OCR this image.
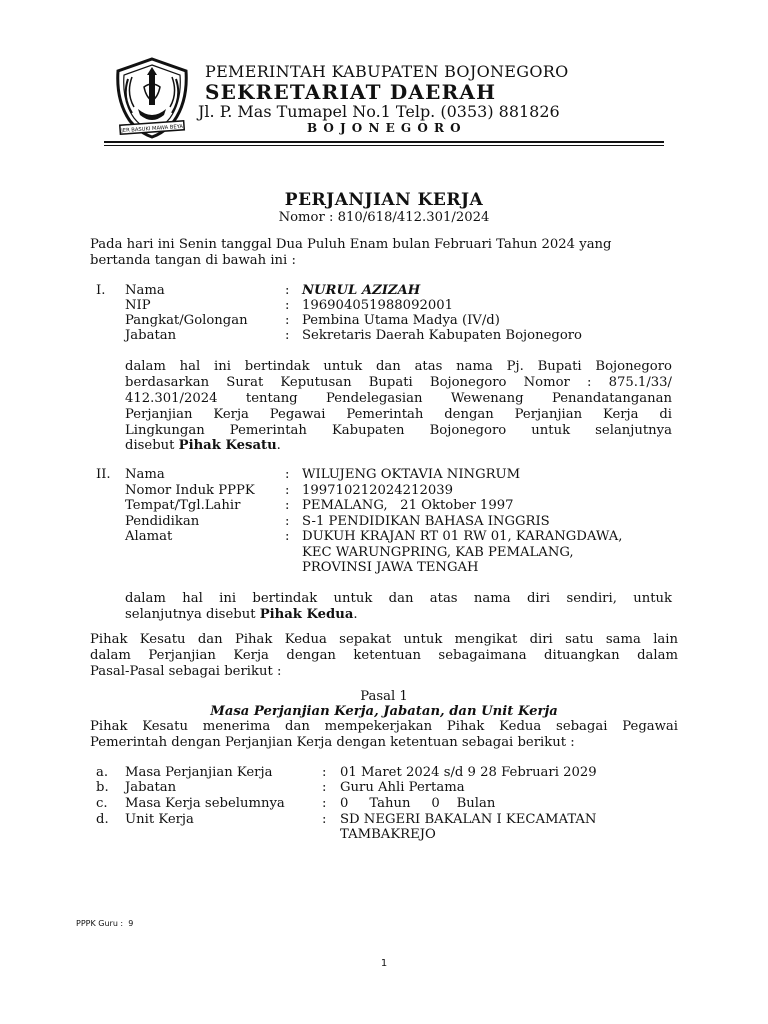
JER BASUKI MAWA BEYA
PEMERINTAH KABUPATEN BOJONEGORO
SEKRETARIAT DAERAH
Jl. P. Mas Tumapel No.1 Telp. (0353) 881826
B O J O N E G O R O
PERJANJIAN KERJA
Nomor : 810/618/412.301/2024
Pada hari ini Senin tanggal Dua Puluh Enam bulan Februari Tahun 2024 yang
bertanda tangan di bawah ini :
I. Nama	: NURUL AZIZAH
NIP	: 196904051988092001
Pangkat/Golongan	: Pembina Utama Madya (IV/d)
Jabatan	: Sekretaris Daerah Kabupaten Bojonegoro
dalam hal ini bertindak untuk dan atas nama Pj. Bupati Bojonegoro
berdasarkan Surat Keputusan Bupati Bojonegoro Nomor : 875.1/33/
412.301/2024 tentang Pendelegasian Wewenang Penandatanganan
Perjanjian Kerja Pegawai Pemerintah dengan Perjanjian Kerja di
Lingkungan Pemerintah Kabupaten Bojonegoro untuk selanjutnya
disebut Pihak Kesatu.
II. Nama	: WILUJENG OKTAVIA NINGRUM
Nomor Induk PPPK : 199710212024212039
Tempat/Tgl.Lahir	: PEMALANG,   21 Oktober 1997
Pendidikan	: S-1 PENDIDIKAN BAHASA INGGRIS
Alamat	: DUKUH KRAJAN RT 01 RW 01, KARANGDAWA,
KEC WARUNGPRING, KAB PEMALANG,
PROVINSI JAWA TENGAH
dalam hal ini bertindak untuk dan atas nama diri sendiri, untuk
selanjutnya disebut Pihak Kedua.
Pihak Kesatu dan Pihak Kedua sepakat untuk mengikat diri satu sama lain
dalam Perjanjian Kerja dengan ketentuan sebagaimana dituangkan dalam
Pasal-Pasal sebagai berikut :
Pasal 1
Masa Perjanjian Kerja, Jabatan, dan Unit Kerja
Pihak Kesatu menerima dan mempekerjakan Pihak Kedua sebagai Pegawai
Pemerintah dengan Perjanjian Kerja dengan ketentuan sebagai berikut :
a. Masa Perjanjian Kerja	: 01 Maret 2024 s/d 9 28 Februari 2029
b. Jabatan	: Guru Ahli Pertama
c. Masa Kerja sebelumnya	: 0     Tahun     0    Bulan
d. Unit Kerja	: SD NEGERI BAKALAN I KECAMATAN
TAMBAKREJO
PPPK Guru :  9
1
